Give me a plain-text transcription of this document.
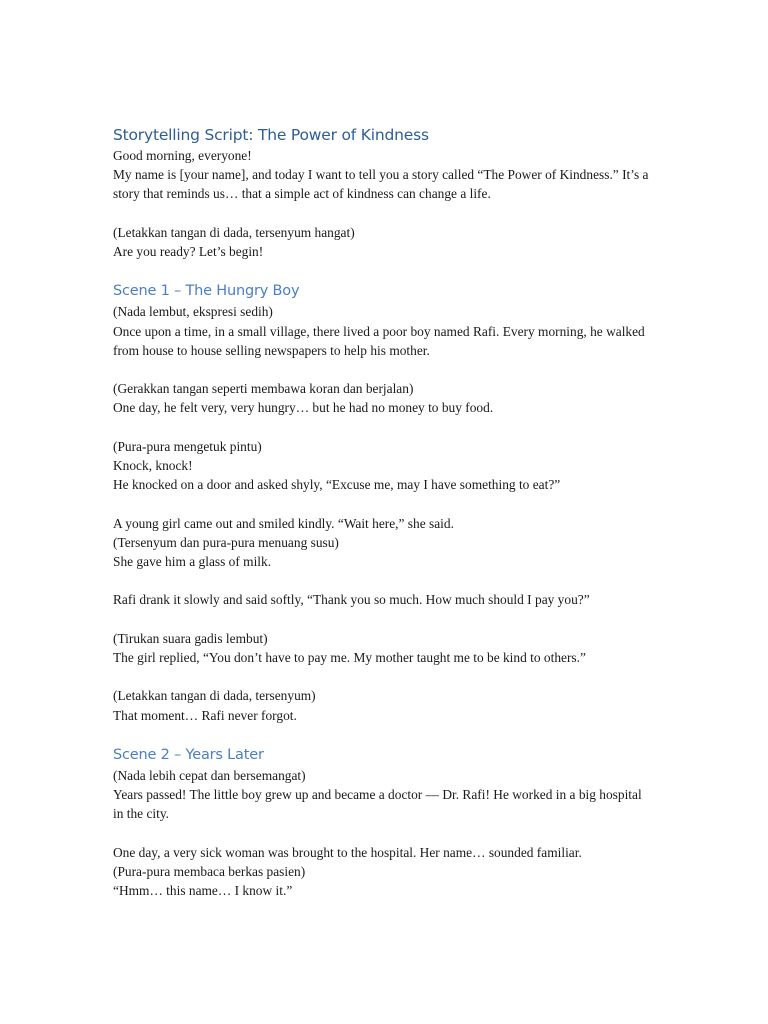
Storytelling Script: The Power of Kindness

Good morning, everyone!

My name is [your name], and today I want to tell you a story called “The Power of Kindness.” It’s a story that reminds us… that a simple act of kindness can change a life.

(Letakkan tangan di dada, tersenyum hangat)

Are you ready? Let’s begin!

Scene 1 – The Hungry Boy

(Nada lembut, ekspresi sedih)

Once upon a time, in a small village, there lived a poor boy named Rafi. Every morning, he walked from house to house selling newspapers to help his mother.

(Gerakkan tangan seperti membawa koran dan berjalan)

One day, he felt very, very hungry… but he had no money to buy food.

(Pura-pura mengetuk pintu)

Knock, knock!

He knocked on a door and asked shyly, “Excuse me, may I have something to eat?”

A young girl came out and smiled kindly. “Wait here,” she said.

(Tersenyum dan pura-pura menuang susu)

She gave him a glass of milk.

Rafi drank it slowly and said softly, “Thank you so much. How much should I pay you?”

(Tirukan suara gadis lembut)

The girl replied, “You don’t have to pay me. My mother taught me to be kind to others.”

(Letakkan tangan di dada, tersenyum)

That moment… Rafi never forgot.

Scene 2 – Years Later

(Nada lebih cepat dan bersemangat)

Years passed! The little boy grew up and became a doctor — Dr. Rafi! He worked in a big hospital in the city.

One day, a very sick woman was brought to the hospital. Her name… sounded familiar.

(Pura-pura membaca berkas pasien)

“Hmm… this name… I know it.”
